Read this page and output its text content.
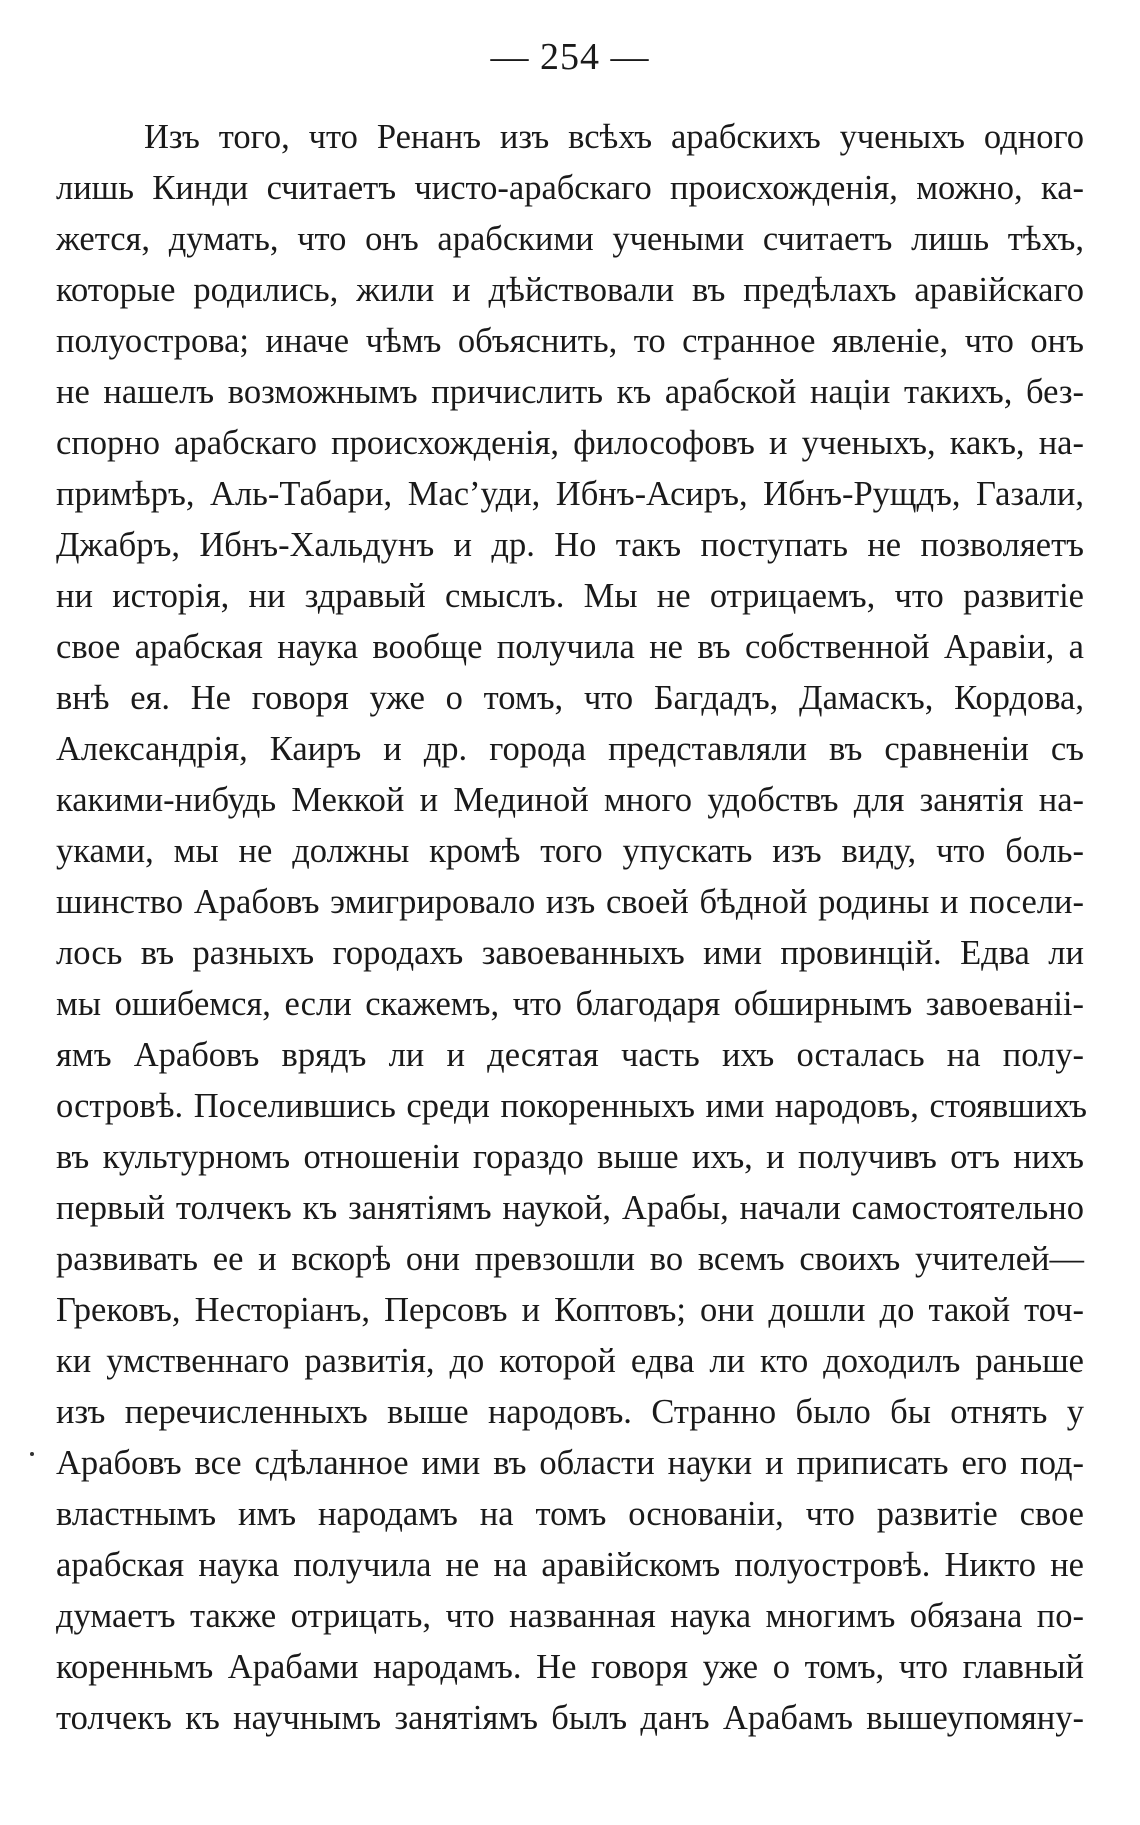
— 254 —
Изъ того, что Ренанъ изъ всѣхъ арабскихъ ученыхъ одного
лишь Кинди считаетъ чисто-арабскаго происхожденія, можно, ка-
жется, думать, что онъ арабскими учеными считаетъ лишь тѣхъ,
которые родились, жили и дѣйствовали въ предѣлахъ аравійскаго
полуострова; иначе чѣмъ объяснить, то странное явленіе, что онъ
не нашелъ возможнымъ причислить къ арабской націи такихъ, без-
спорно арабскаго происхожденія, философовъ и ученыхъ, какъ, на-
примѣръ, Аль-Табари, Мас’уди, Ибнъ-Асиръ, Ибнъ-Рущдъ, Газали,
Джабръ, Ибнъ-Хальдунъ и др. Но такъ поступать не позволяетъ
ни исторія, ни здравый смыслъ. Мы не отрицаемъ, что развитіе
свое арабская наука вообще получила не въ собственной Аравіи, а
внѣ ея. Не говоря уже о томъ, что Багдадъ, Дамаскъ, Кордова,
Александрія, Каиръ и др. города представляли въ сравненіи съ
какими-нибудь Меккой и Мединой много удобствъ для занятія на-
уками, мы не должны кромѣ того упускать изъ виду, что боль-
шинство Арабовъ эмигрировало изъ своей бѣдной родины и посели-
лось въ разныхъ городахъ завоеванныхъ ими провинцій. Едва ли
мы ошибемся, если скажемъ, что благодаря обширнымъ завоеваніi-
ямъ Арабовъ врядъ ли и десятая часть ихъ осталась на полу-
островѣ. Поселившись среди покоренныхъ ими народовъ, стоявшихъ
въ культурномъ отношеніи гораздо выше ихъ, и получивъ отъ нихъ
первый толчекъ къ занятіямъ наукой, Арабы, начали самостоятельно
развивать ее и вскорѣ они превзошли во всемъ своихъ учителей—
Грековъ, Несторіанъ, Персовъ и Коптовъ; они дошли до такой точ-
ки умственнаго развитія, до которой едва ли кто доходилъ раньше
изъ перечисленныхъ выше народовъ. Странно было бы отнять у
Арабовъ все сдѣланное ими въ области науки и приписать его под-
властнымъ имъ народамъ на томъ основаніи, что развитіе свое
арабская наука получила не на аравійскомъ полуостровѣ. Никто не
думаетъ также отрицать, что названная наука многимъ обязана по-
коренньмъ Арабами народамъ. Не говоря уже о томъ, что главный
толчекъ къ научнымъ занятіямъ былъ данъ Арабамъ вышеупомяну-
